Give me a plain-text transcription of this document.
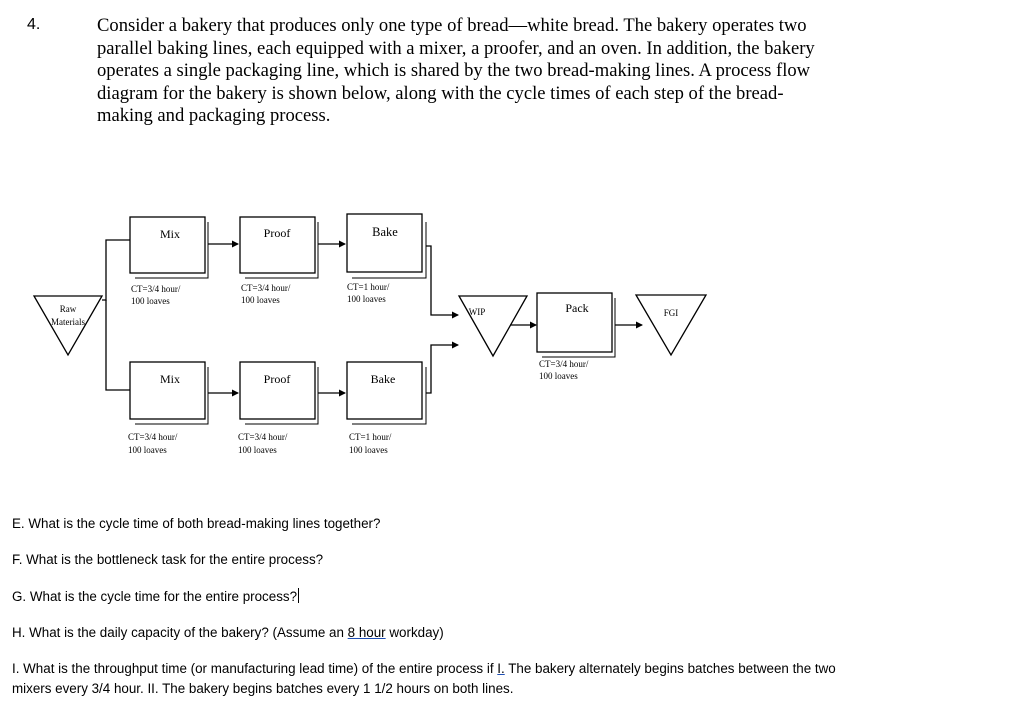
4.	Consider a bakery that produces only one type of bread—white bread. The bakery operates two
parallel baking lines, each equipped with a mixer, a proofer, and an oven. In addition, the bakery
operates a single packaging line, which is shared by the two bread-making lines. A process flow
diagram for the bakery is shown below, along with the cycle times of each step of the bread-
making and packaging process.
Raw
Materials
Mix	Proof	Bake
CT=3/4 hour/
100 loaves
CT=3/4 hour/
100 loaves
CT=1 hour/
100 loaves
Mix	Proof	Bake
CT=3/4 hour/
100 loaves
CT=3/4 hour/
100 loaves
CT=1 hour/
100 loaves
WIP	Pack
CT=3/4 hour/
100 loaves
FGI
E. What is the cycle time of both bread-making lines together?
F. What is the bottleneck task for the entire process?
G. What is the cycle time for the entire process?
H. What is the daily capacity of the bakery? (Assume an 8 hour workday)
I. What is the throughput time (or manufacturing lead time) of the entire process if I. The bakery alternately begins batches between the two
mixers every 3/4 hour. II. The bakery begins batches every 1 1/2 hours on both lines.
